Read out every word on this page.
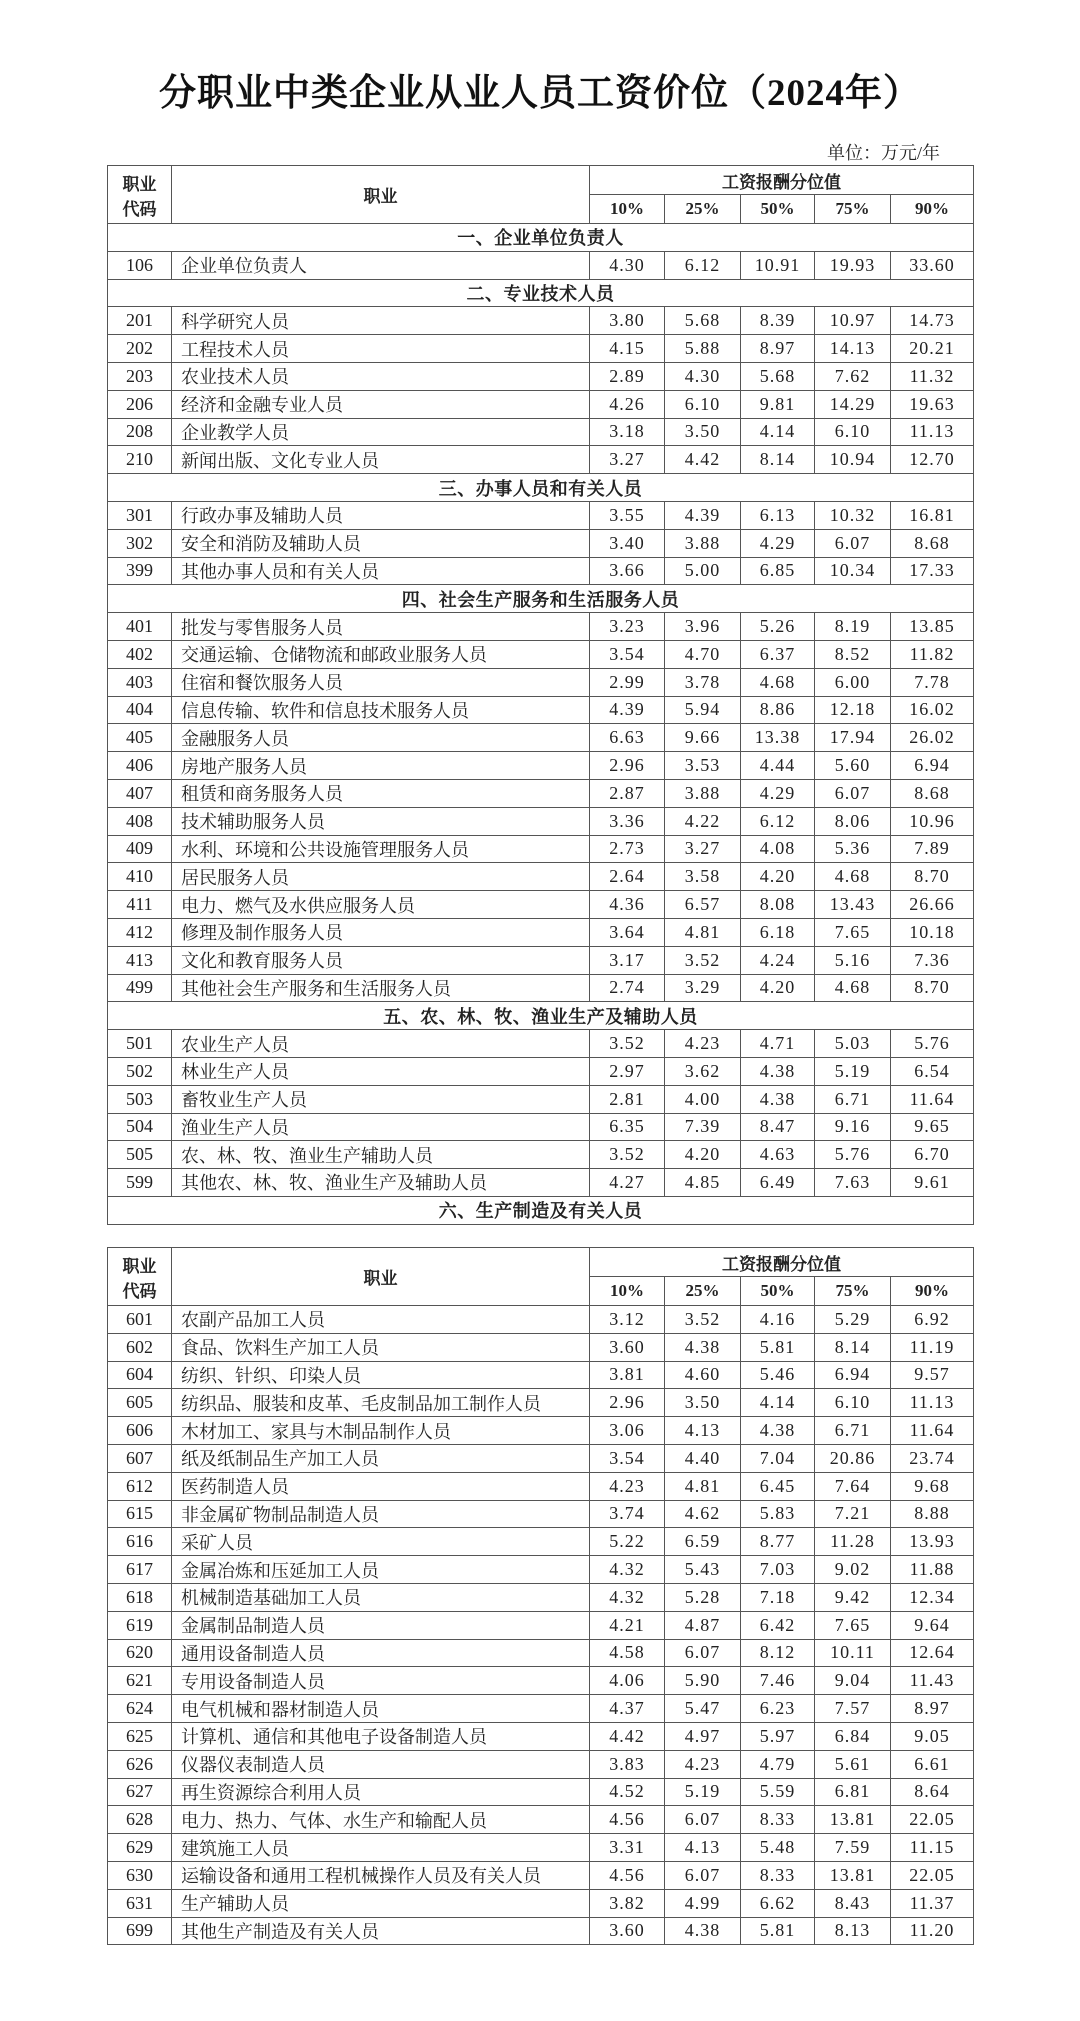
分职业中类企业从业人员工资价位（2024年）
单位：万元/年
职业
代码	职业	工资报酬分位值				
		10%	25%	50%	75%	90%
一、企业单位负责人						
106	企业单位负责人	4.30	6.12	10.91	19.93	33.60
二、专业技术人员						
201	科学研究人员	3.80	5.68	8.39	10.97	14.73
202	工程技术人员	4.15	5.88	8.97	14.13	20.21
203	农业技术人员	2.89	4.30	5.68	7.62	11.32
206	经济和金融专业人员	4.26	6.10	9.81	14.29	19.63
208	企业教学人员	3.18	3.50	4.14	6.10	11.13
210	新闻出版、文化专业人员	3.27	4.42	8.14	10.94	12.70
三、办事人员和有关人员						
301	行政办事及辅助人员	3.55	4.39	6.13	10.32	16.81
302	安全和消防及辅助人员	3.40	3.88	4.29	6.07	8.68
399	其他办事人员和有关人员	3.66	5.00	6.85	10.34	17.33
四、社会生产服务和生活服务人员						
401	批发与零售服务人员	3.23	3.96	5.26	8.19	13.85
402	交通运输、仓储物流和邮政业服务人员	3.54	4.70	6.37	8.52	11.82
403	住宿和餐饮服务人员	2.99	3.78	4.68	6.00	7.78
404	信息传输、软件和信息技术服务人员	4.39	5.94	8.86	12.18	16.02
405	金融服务人员	6.63	9.66	13.38	17.94	26.02
406	房地产服务人员	2.96	3.53	4.44	5.60	6.94
407	租赁和商务服务人员	2.87	3.88	4.29	6.07	8.68
408	技术辅助服务人员	3.36	4.22	6.12	8.06	10.96
409	水利、环境和公共设施管理服务人员	2.73	3.27	4.08	5.36	7.89
410	居民服务人员	2.64	3.58	4.20	4.68	8.70
411	电力、燃气及水供应服务人员	4.36	6.57	8.08	13.43	26.66
412	修理及制作服务人员	3.64	4.81	6.18	7.65	10.18
413	文化和教育服务人员	3.17	3.52	4.24	5.16	7.36
499	其他社会生产服务和生活服务人员	2.74	3.29	4.20	4.68	8.70
五、农、林、牧、渔业生产及辅助人员						
501	农业生产人员	3.52	4.23	4.71	5.03	5.76
502	林业生产人员	2.97	3.62	4.38	5.19	6.54
503	畜牧业生产人员	2.81	4.00	4.38	6.71	11.64
504	渔业生产人员	6.35	7.39	8.47	9.16	9.65
505	农、林、牧、渔业生产辅助人员	3.52	4.20	4.63	5.76	6.70
599	其他农、林、牧、渔业生产及辅助人员	4.27	4.85	6.49	7.63	9.61
六、生产制造及有关人员						
职业
代码	职业	工资报酬分位值				
		10%	25%	50%	75%	90%
601	农副产品加工人员	3.12	3.52	4.16	5.29	6.92
602	食品、饮料生产加工人员	3.60	4.38	5.81	8.14	11.19
604	纺织、针织、印染人员	3.81	4.60	5.46	6.94	9.57
605	纺织品、服装和皮革、毛皮制品加工制作人员	2.96	3.50	4.14	6.10	11.13
606	木材加工、家具与木制品制作人员	3.06	4.13	4.38	6.71	11.64
607	纸及纸制品生产加工人员	3.54	4.40	7.04	20.86	23.74
612	医药制造人员	4.23	4.81	6.45	7.64	9.68
615	非金属矿物制品制造人员	3.74	4.62	5.83	7.21	8.88
616	采矿人员	5.22	6.59	8.77	11.28	13.93
617	金属冶炼和压延加工人员	4.32	5.43	7.03	9.02	11.88
618	机械制造基础加工人员	4.32	5.28	7.18	9.42	12.34
619	金属制品制造人员	4.21	4.87	6.42	7.65	9.64
620	通用设备制造人员	4.58	6.07	8.12	10.11	12.64
621	专用设备制造人员	4.06	5.90	7.46	9.04	11.43
624	电气机械和器材制造人员	4.37	5.47	6.23	7.57	8.97
625	计算机、通信和其他电子设备制造人员	4.42	4.97	5.97	6.84	9.05
626	仪器仪表制造人员	3.83	4.23	4.79	5.61	6.61
627	再生资源综合利用人员	4.52	5.19	5.59	6.81	8.64
628	电力、热力、气体、水生产和输配人员	4.56	6.07	8.33	13.81	22.05
629	建筑施工人员	3.31	4.13	5.48	7.59	11.15
630	运输设备和通用工程机械操作人员及有关人员	4.56	6.07	8.33	13.81	22.05
631	生产辅助人员	3.82	4.99	6.62	8.43	11.37
699	其他生产制造及有关人员	3.60	4.38	5.81	8.13	11.20
